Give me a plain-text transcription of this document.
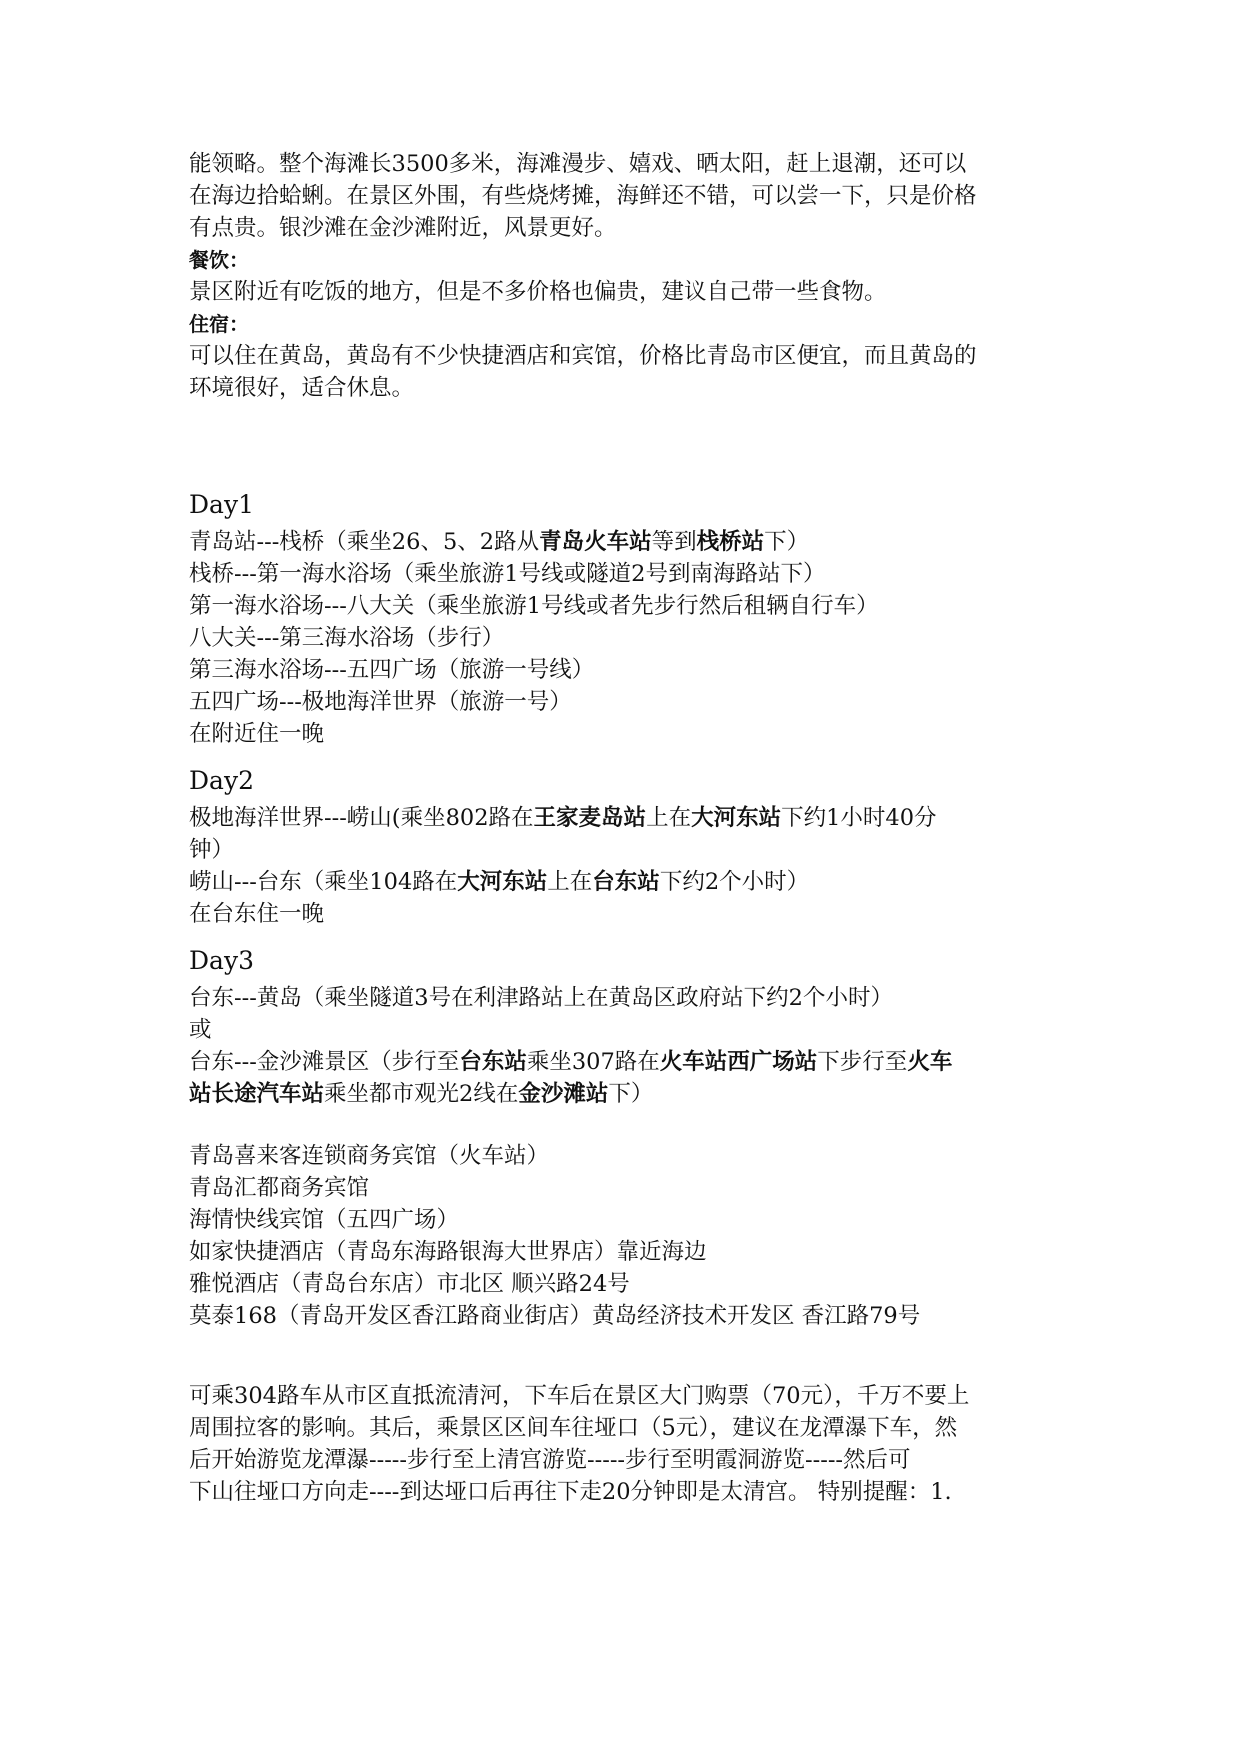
能领略。整个海滩长3500多米，海滩漫步、嬉戏、晒太阳，赶上退潮，还可以
在海边拾蛤蜊。在景区外围，有些烧烤摊，海鲜还不错，可以尝一下，只是价格
有点贵。银沙滩在金沙滩附近，风景更好。
餐饮：
景区附近有吃饭的地方，但是不多价格也偏贵，建议自己带一些食物。
住宿：
可以住在黄岛，黄岛有不少快捷酒店和宾馆，价格比青岛市区便宜，而且黄岛的
环境很好，适合休息。
Day1
青岛站---栈桥（乘坐26、5、2路从青岛火车站等到栈桥站下）
栈桥---第一海水浴场（乘坐旅游1号线或隧道2号到南海路站下）
第一海水浴场---八大关（乘坐旅游1号线或者先步行然后租辆自行车）
八大关---第三海水浴场（步行）
第三海水浴场---五四广场（旅游一号线）
五四广场---极地海洋世界（旅游一号）
在附近住一晚
Day2
极地海洋世界---崂山(乘坐802路在王家麦岛站上在大河东站下约1小时40分
钟）
崂山---台东（乘坐104路在大河东站上在台东站下约2个小时）
在台东住一晚
Day3
台东---黄岛（乘坐隧道3号在利津路站上在黄岛区政府站下约2个小时）
或
台东---金沙滩景区（步行至台东站乘坐307路在火车站西广场站下步行至火车
站长途汽车站乘坐都市观光2线在金沙滩站下）
青岛喜来客连锁商务宾馆（火车站）
青岛汇都商务宾馆
海情快线宾馆（五四广场）
如家快捷酒店（青岛东海路银海大世界店）靠近海边
雅悦酒店（青岛台东店）市北区 顺兴路24号
莫泰168（青岛开发区香江路商业街店）黄岛经济技术开发区 香江路79号
可乘304路车从市区直抵流清河，下车后在景区大门购票（70元），千万不要上
周围拉客的影响。其后，乘景区区间车往垭口（5元），建议在龙潭瀑下车，然
后开始游览龙潭瀑-----步行至上清宫游览-----步行至明霞洞游览-----然后可
下山往垭口方向走----到达垭口后再往下走20分钟即是太清宫。 特别提醒：1.
